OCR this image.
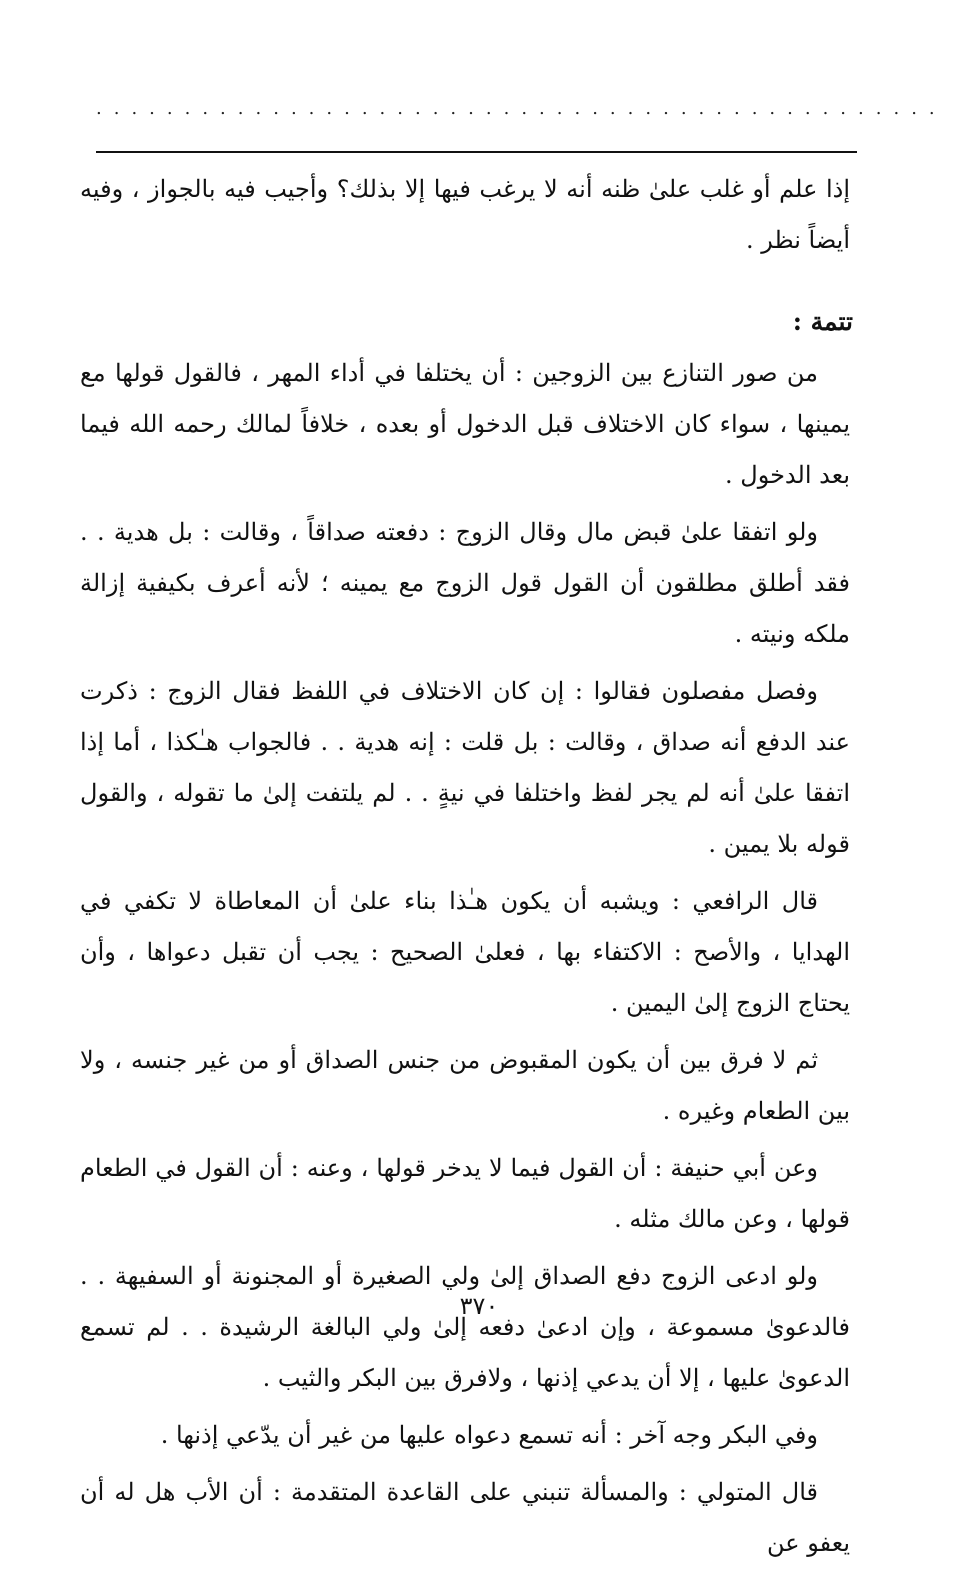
................................................

إذا علم أو غلب علىٰ ظنه أنه لا يرغب فيها إلا بذلك؟ وأجيب فيه بالجواز ، وفيه أيضاً نظر .

تتمة :

من صور التنازع بين الزوجين : أن يختلفا في أداء المهر ، فالقول قولها مع يمينها ، سواء كان الاختلاف قبل الدخول أو بعده ، خلافاً لمالك رحمه الله فيما بعد الدخول .

ولو اتفقا علىٰ قبض مال وقال الزوج : دفعته صداقاً ، وقالت : بل هدية . . فقد أطلق مطلقون أن القول قول الزوج مع يمينه ؛ لأنه أعرف بكيفية إزالة ملكه ونيته .

وفصل مفصلون فقالوا : إن كان الاختلاف في اللفظ فقال الزوج : ذكرت عند الدفع أنه صداق ، وقالت : بل قلت : إنه هدية . . فالجواب هـٰكذا ، أما إذا اتفقا علىٰ أنه لم يجر لفظ واختلفا في نيةٍ . . لم يلتفت إلىٰ ما تقوله ، والقول قوله بلا يمين .

قال الرافعي : ويشبه أن يكون هـٰذا بناء علىٰ أن المعاطاة لا تكفي في الهدايا ، والأصح : الاكتفاء بها ، فعلىٰ الصحيح : يجب أن تقبل دعواها ، وأن يحتاج الزوج إلىٰ اليمين .

ثم لا فرق بين أن يكون المقبوض من جنس الصداق أو من غير جنسه ، ولا بين الطعام وغيره .

وعن أبي حنيفة : أن القول فيما لا يدخر قولها ، وعنه : أن القول في الطعام قولها ، وعن مالك مثله .

ولو ادعى الزوج دفع الصداق إلىٰ ولي الصغيرة أو المجنونة أو السفيهة . . فالدعوىٰ مسموعة ، وإن ادعىٰ دفعه إلىٰ ولي البالغة الرشيدة . . لم تسمع الدعوىٰ عليها ، إلا أن يدعي إذنها ، ولافرق بين البكر والثيب .

وفي البكر وجه آخر : أنه تسمع دعواه عليها من غير أن يدّعي إذنها .

قال المتولي : والمسألة تنبني على القاعدة المتقدمة : أن الأب هل له أن يعفو عن

٣٧٠
